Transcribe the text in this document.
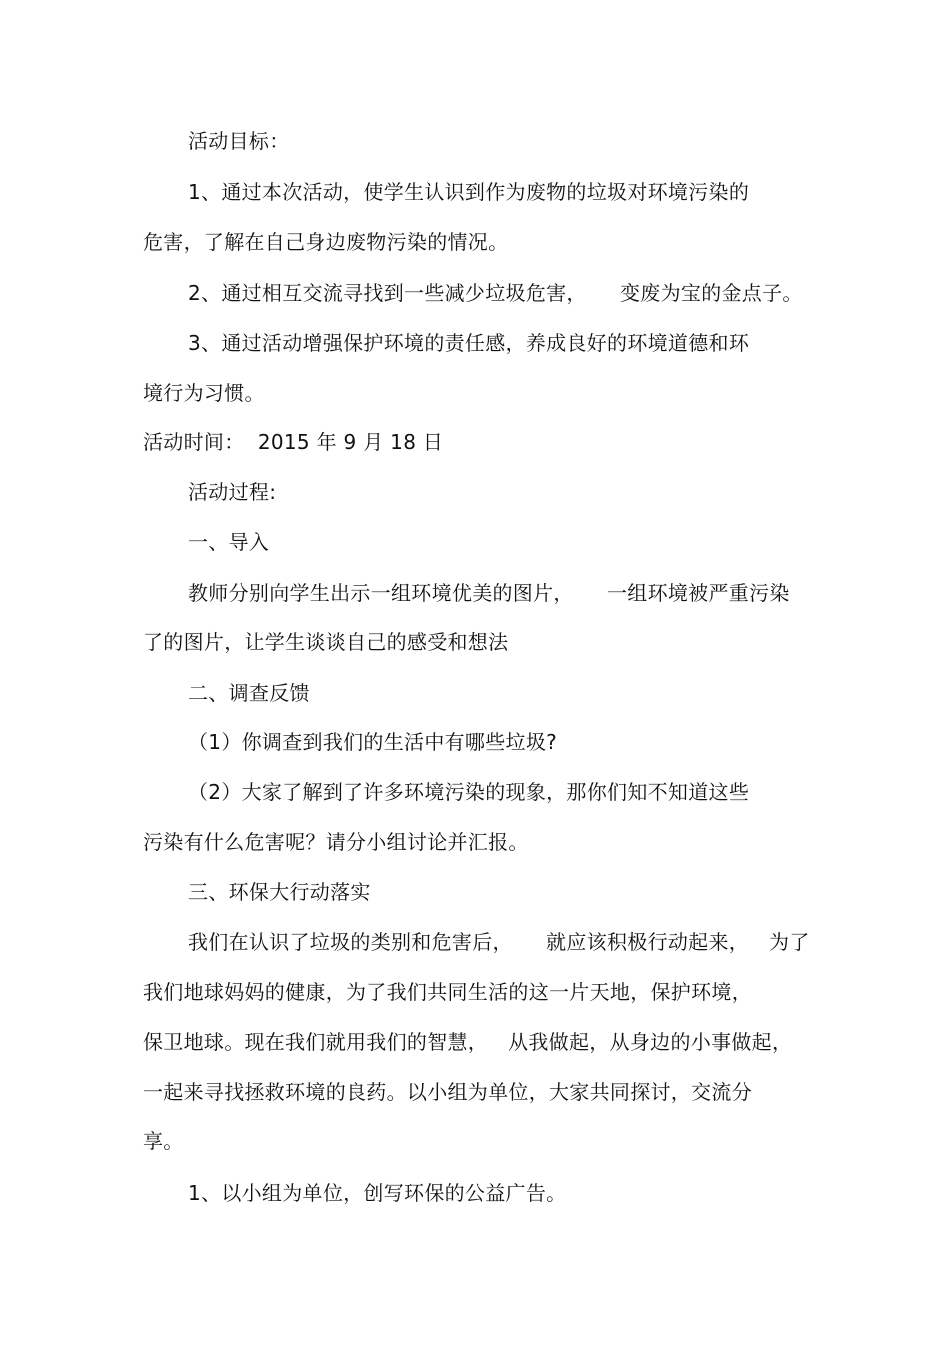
活动目标：
1、通过本次活动，使学生认识到作为废物的垃圾对环境污染的
危害，了解在自己身边废物污染的情况。
2、通过相互交流寻找到一些减少垃圾危害，     变废为宝的金点子。
3、通过活动增强保护环境的责任感，养成良好的环境道德和环
境行为习惯。
活动时间：  2015 年 9 月 18 日
活动过程:
一、导入
教师分别向学生出示一组环境优美的图片，     一组环境被严重污染
了的图片，让学生谈谈自己的感受和想法
二、调查反馈
（1）你调查到我们的生活中有哪些垃圾?
（2）大家了解到了许多环境污染的现象，那你们知不知道这些
污染有什么危害呢？请分小组讨论并汇报。
三、环保大行动落实
我们在认识了垃圾的类别和危害后，     就应该积极行动起来，   为了
我们地球妈妈的健康，为了我们共同生活的这一片天地，保护环境，
保卫地球。现在我们就用我们的智慧，   从我做起，从身边的小事做起，
一起来寻找拯救环境的良药。以小组为单位，大家共同探讨，交流分
享。
1、以小组为单位，创写环保的公益广告。
